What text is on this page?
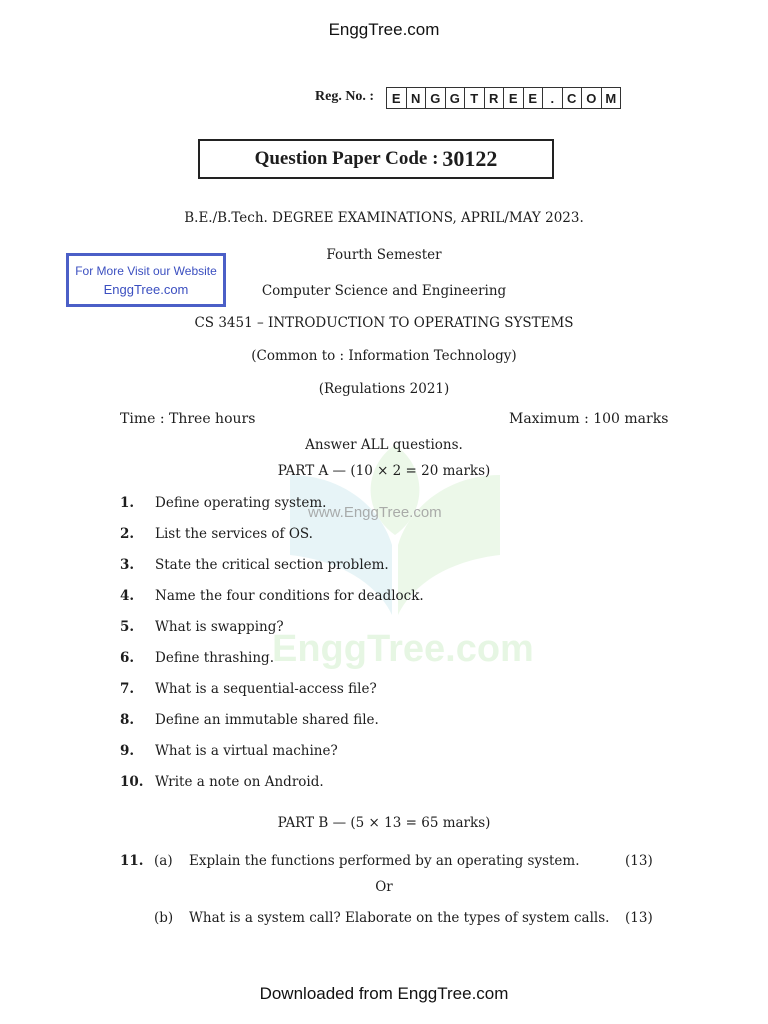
EnggTree.com
www.EnggTree.com
EnggTree.com
Reg. No. :	E N G G T R E E	. C O M
Question Paper Code : 30122
B.E./B.Tech. DEGREE EXAMINATIONS, APRIL/MAY 2023.
Fourth Semester
Computer Science and Engineering
CS 3451 – INTRODUCTION TO OPERATING SYSTEMS
(Common to : Information Technology)
(Regulations 2021)
For More Visit our Website
EnggTree.com
Time : Three hours	Maximum : 100 marks
Answer ALL questions.
PART A — (10 × 2 = 20 marks)
1. Define operating system.
2. List the services of OS.
3. State the critical section problem.
4. Name the four conditions for deadlock.
5. What is swapping?
6. Define thrashing.
7. What is a sequential-access file?
8. Define an immutable shared file.
9. What is a virtual machine?
10. Write a note on Android.
PART B — (5 × 13 = 65 marks)
11. (a) Explain the functions performed by an operating system.	(13)
Or
(b) What is a system call? Elaborate on the types of system calls. (13)
Downloaded from EnggTree.com
